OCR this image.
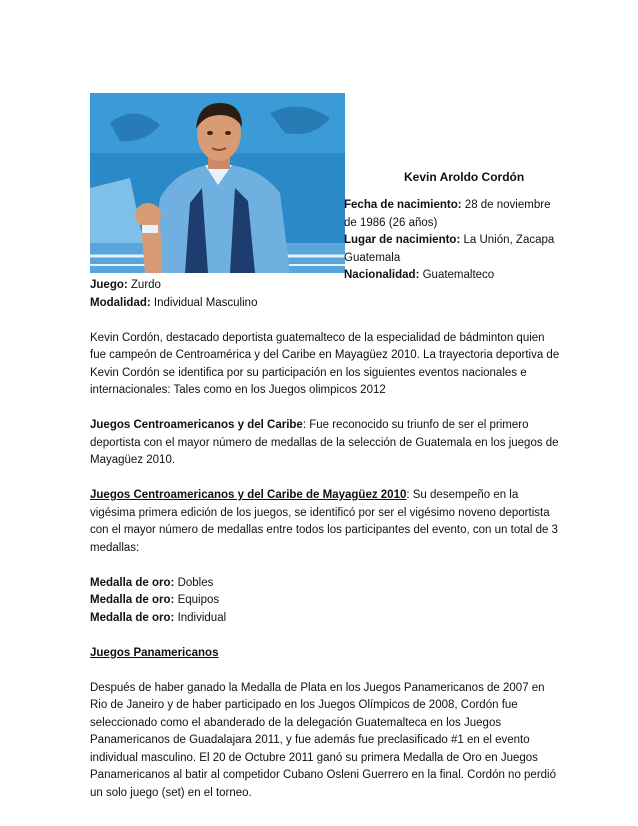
Kevin Aroldo Cordón
Fecha de nacimiento: 28 de noviembre de 1986 (26 años)
Lugar de nacimiento: La Unión, Zacapa Guatemala
Nacionalidad: Guatemalteco

Juego: Zurdo

Modalidad: Individual Masculino

Kevin Cordón, destacado deportista guatemalteco de la especialidad de bádminton quien fue campeón de Centroamérica y del Caribe en Mayagüez 2010. La trayectoria deportiva de Kevin Cordón se identifica por su participación en los siguientes eventos nacionales e internacionales: Tales como en los Juegos olimpicos 2012

Juegos Centroamericanos y del Caribe: Fue reconocido su triunfo de ser el primero deportista con el mayor número de medallas de la selección de Guatemala en los juegos de Mayagüez 2010.

Juegos Centroamericanos y del Caribe de Mayagüez 2010: Su desempeño en la vigésima primera edición de los juegos, se identificó por ser el vigésimo noveno deportista con el mayor número de medallas entre todos los participantes del evento, con un total de 3 medallas:

Medalla de oro: Dobles

Medalla de oro: Equipos

Medalla de oro: Individual

Juegos Panamericanos

Después de haber ganado la Medalla de Plata en los Juegos Panamericanos de 2007 en Rio de Janeiro y de haber participado en los Juegos Olímpicos de 2008, Cordón fue seleccionado como el abanderado de la delegación Guatemalteca en los Juegos Panamericanos de Guadalajara 2011, y fue además fue preclasificado #1 en el evento individual masculino. El 20 de Octubre 2011 ganó su primera Medalla de Oro en Juegos Panamericanos al batir al competidor Cubano Osleni Guerrero en la final. Cordón no perdió un solo juego (set) en el torneo.
